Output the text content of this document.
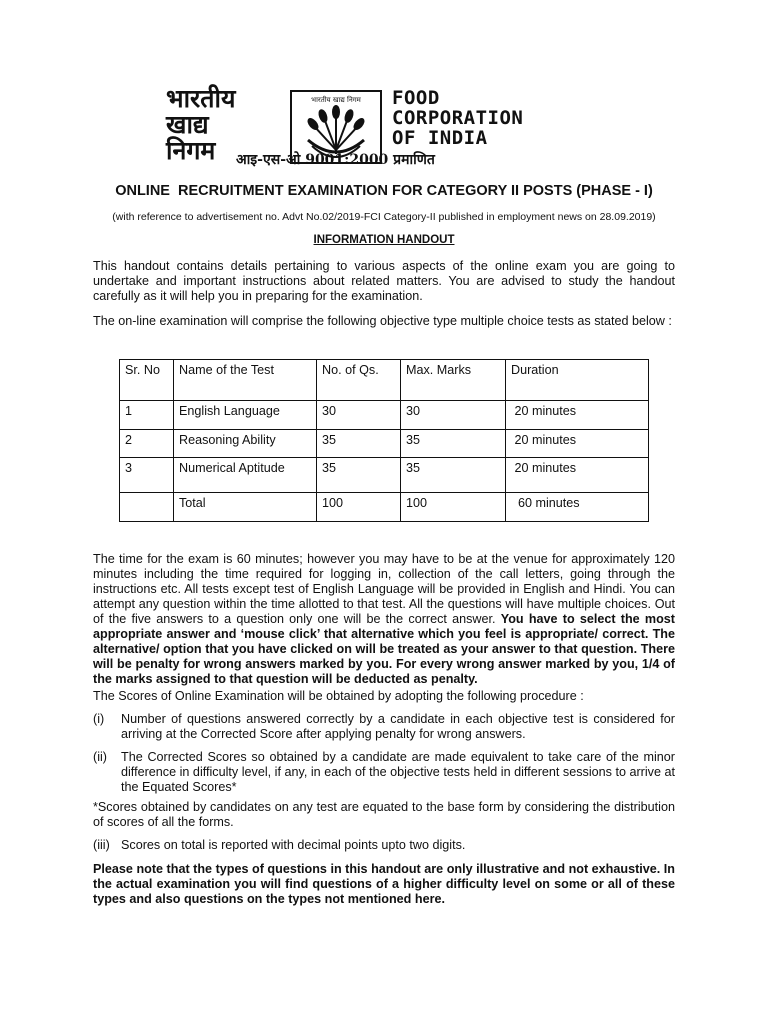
भारतीय
खाद्य
निगम
भारतीय खाद्य निगम FOOD
CORPORATION
OF INDIA
आइ-एस-ओ 9001:2000 प्रमाणित
ONLINE  RECRUITMENT EXAMINATION FOR CATEGORY II POSTS (PHASE - I)
(with reference to advertisement no. Advt No.02/2019-FCI Category-II published in employment news on 28.09.2019)
INFORMATION HANDOUT

This handout contains details pertaining to various aspects of the online exam you are going to undertake and important instructions about related matters. You are advised to study the handout carefully as it will help you in preparing for the examination.

The on-line examination will comprise the following objective type multiple choice tests as stated below :

Sr. No	Name of the Test	No. of Qs.	Max. Marks	Duration
1	English Language	30	30	20 minutes
2	Reasoning Ability	35	35	20 minutes
3	Numerical Aptitude	35	35	20 minutes
	Total	100	100	60 minutes

The time for the exam is 60 minutes; however you may have to be at the venue for approximately 120 minutes including the time required for logging in, collection of the call letters, going through the instructions etc. All tests except test of English Language will be provided in English and Hindi. You can attempt any question within the time allotted to that test. All the questions will have multiple choices. Out of the five answers to a question only one will be the correct answer. You have to select the most appropriate answer and ‘mouse click’ that alternative which you feel is appropriate/ correct. The alternative/ option that you have clicked on will be treated as your answer to that question. There will be penalty for wrong answers marked by you. For every wrong answer marked by you, 1/4 of the marks assigned to that question will be deducted as penalty.

The Scores of Online Examination will be obtained by adopting the following procedure :

(i)	Number of questions answered correctly by a candidate in each objective test is considered for arriving at the Corrected Score after applying penalty for wrong answers.
(ii)	The Corrected Scores so obtained by a candidate are made equivalent to take care of the minor difference in difficulty level, if any, in each of the objective tests held in different sessions to arrive at the Equated Scores*

*Scores obtained by candidates on any test are equated to the base form by considering the distribution of scores of all the forms.

(iii) Scores on total is reported with decimal points upto two digits.

Please note that the types of questions in this handout are only illustrative and not exhaustive. In the actual examination you will find questions of a higher difficulty level on some or all of these types and also questions on the types not mentioned here.
